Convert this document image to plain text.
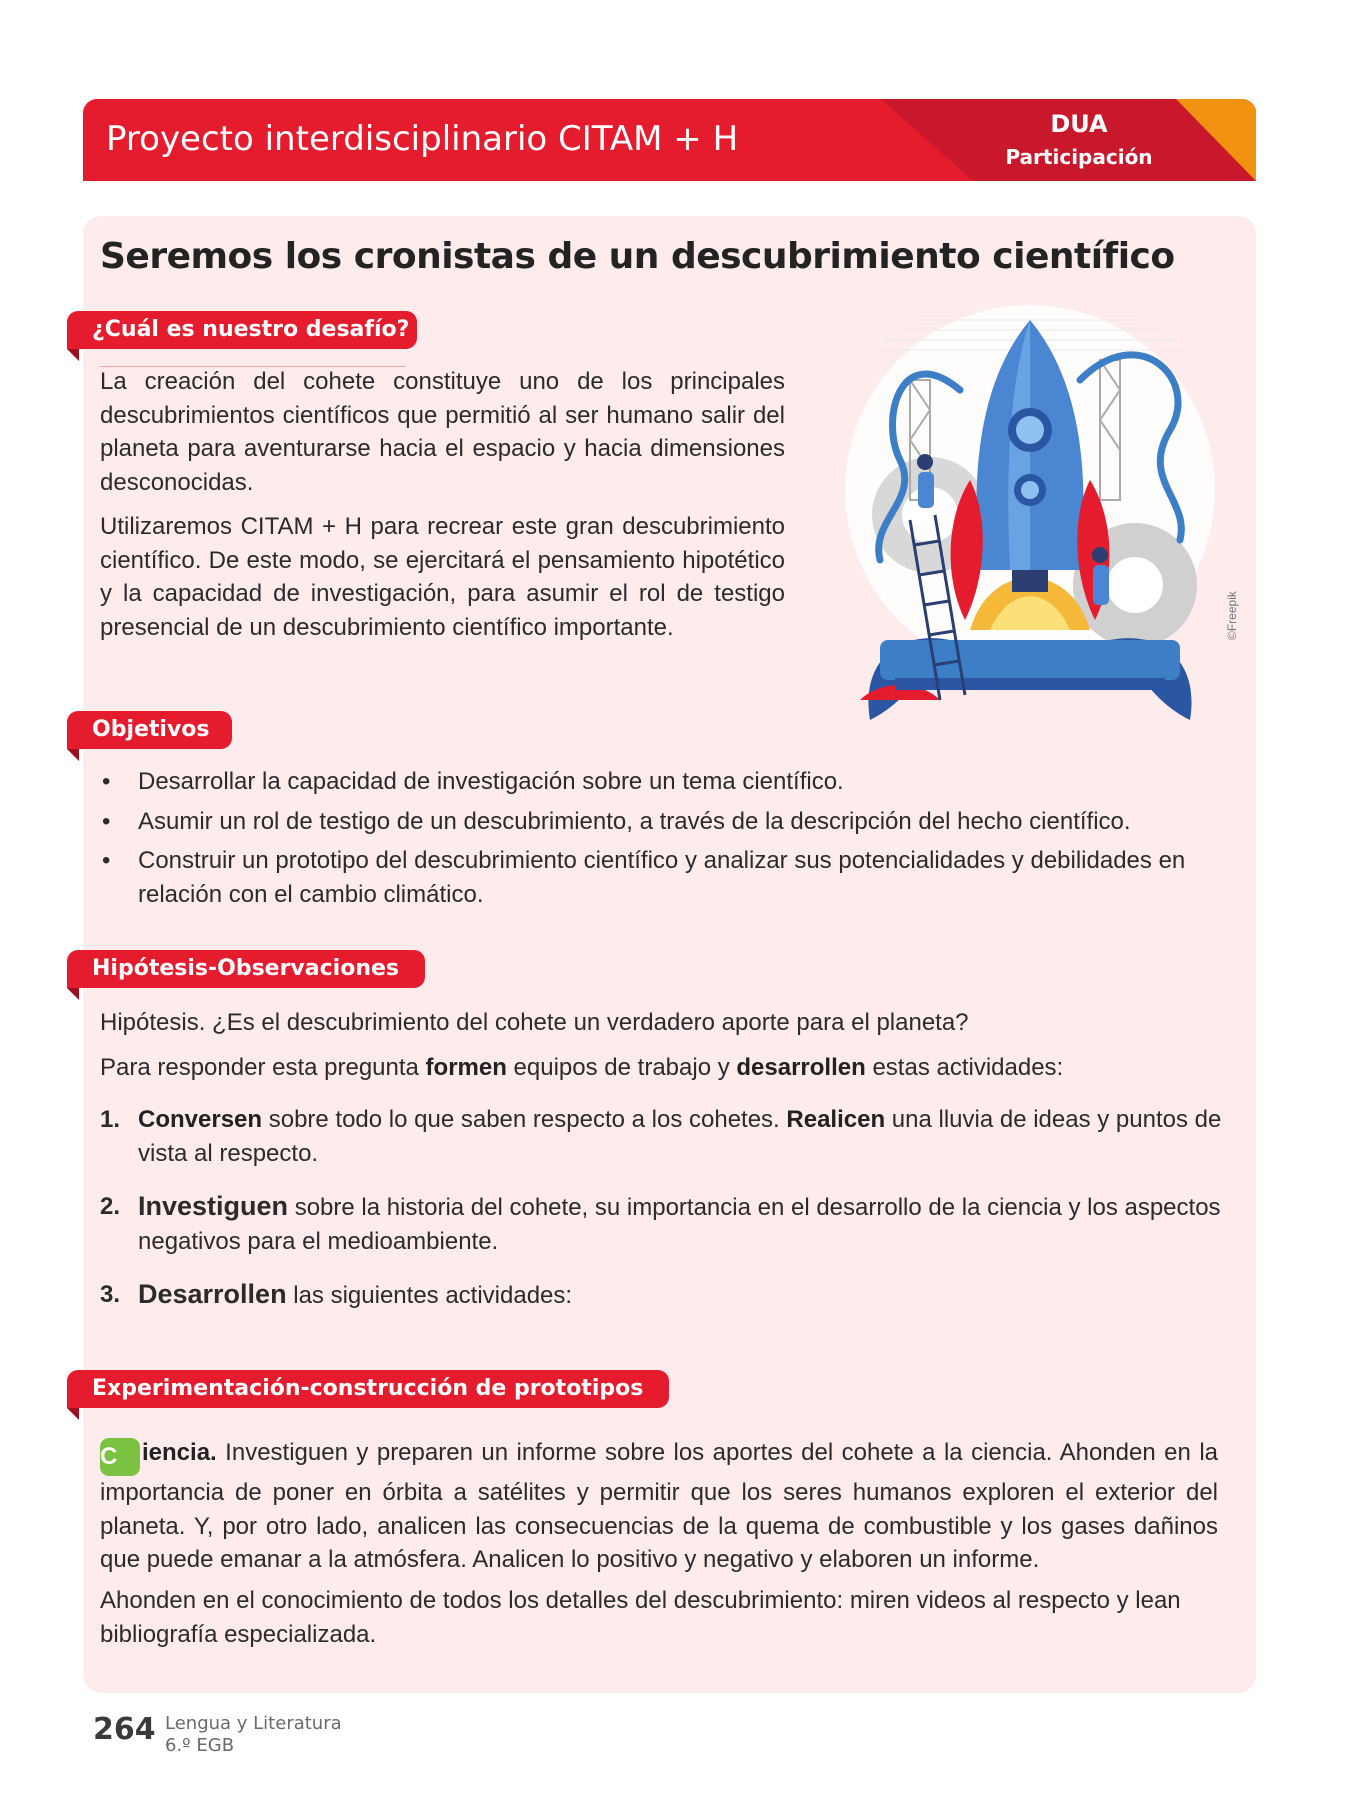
Proyecto interdisciplinario CITAM + H	DUA
Participación
Seremos los cronistas de un descubrimiento científico
¿Cuál es nuestro desafío?
La creación del cohete constituye uno de los principales descubrimientos científicos que permitió al ser humano salir del planeta para aventurarse hacia el espacio y hacia dimensiones desconocidas.
Utilizaremos CITAM + H para recrear este gran descubrimiento científico. De este modo, se ejercitará el pensamiento hipotético y la capacidad de investigación, para asumir el rol de testigo presencial de un descubrimiento científico importante.	©Freepik
Objetivos
• Desarrollar la capacidad de investigación sobre un tema científico.
• Asumir un rol de testigo de un descubrimiento, a través de la descripción del hecho científico.
• Construir un prototipo del descubrimiento científico y analizar sus potencialidades y debilidades en relación con el cambio climático.
Hipótesis-Observaciones
Hipótesis. ¿Es el descubrimiento del cohete un verdadero aporte para el planeta?
Para responder esta pregunta formen equipos de trabajo y desarrollen estas actividades:
1. Conversen sobre todo lo que saben respecto a los cohetes. Realicen una lluvia de ideas y puntos de vista al respecto.
2. Investiguen sobre la historia del cohete, su importancia en el desarrollo de la ciencia y los aspectos negativos para el medioambiente.
3. Desarrollen las siguientes actividades:
Experimentación-construcción de prototipos
C iencia. Investiguen y preparen un informe sobre los aportes del cohete a la ciencia. Ahonden en la importancia de poner en órbita a satélites y permitir que los seres humanos exploren el exterior del planeta. Y, por otro lado, analicen las consecuencias de la quema de combustible y los gases dañinos que puede emanar a la atmósfera. Analicen lo positivo y negativo y elaboren un informe.
Ahonden en el conocimiento de todos los detalles del descubrimiento: miren videos al respecto y lean bibliografía especializada.
264 Lengua y Literatura
6.º EGB
